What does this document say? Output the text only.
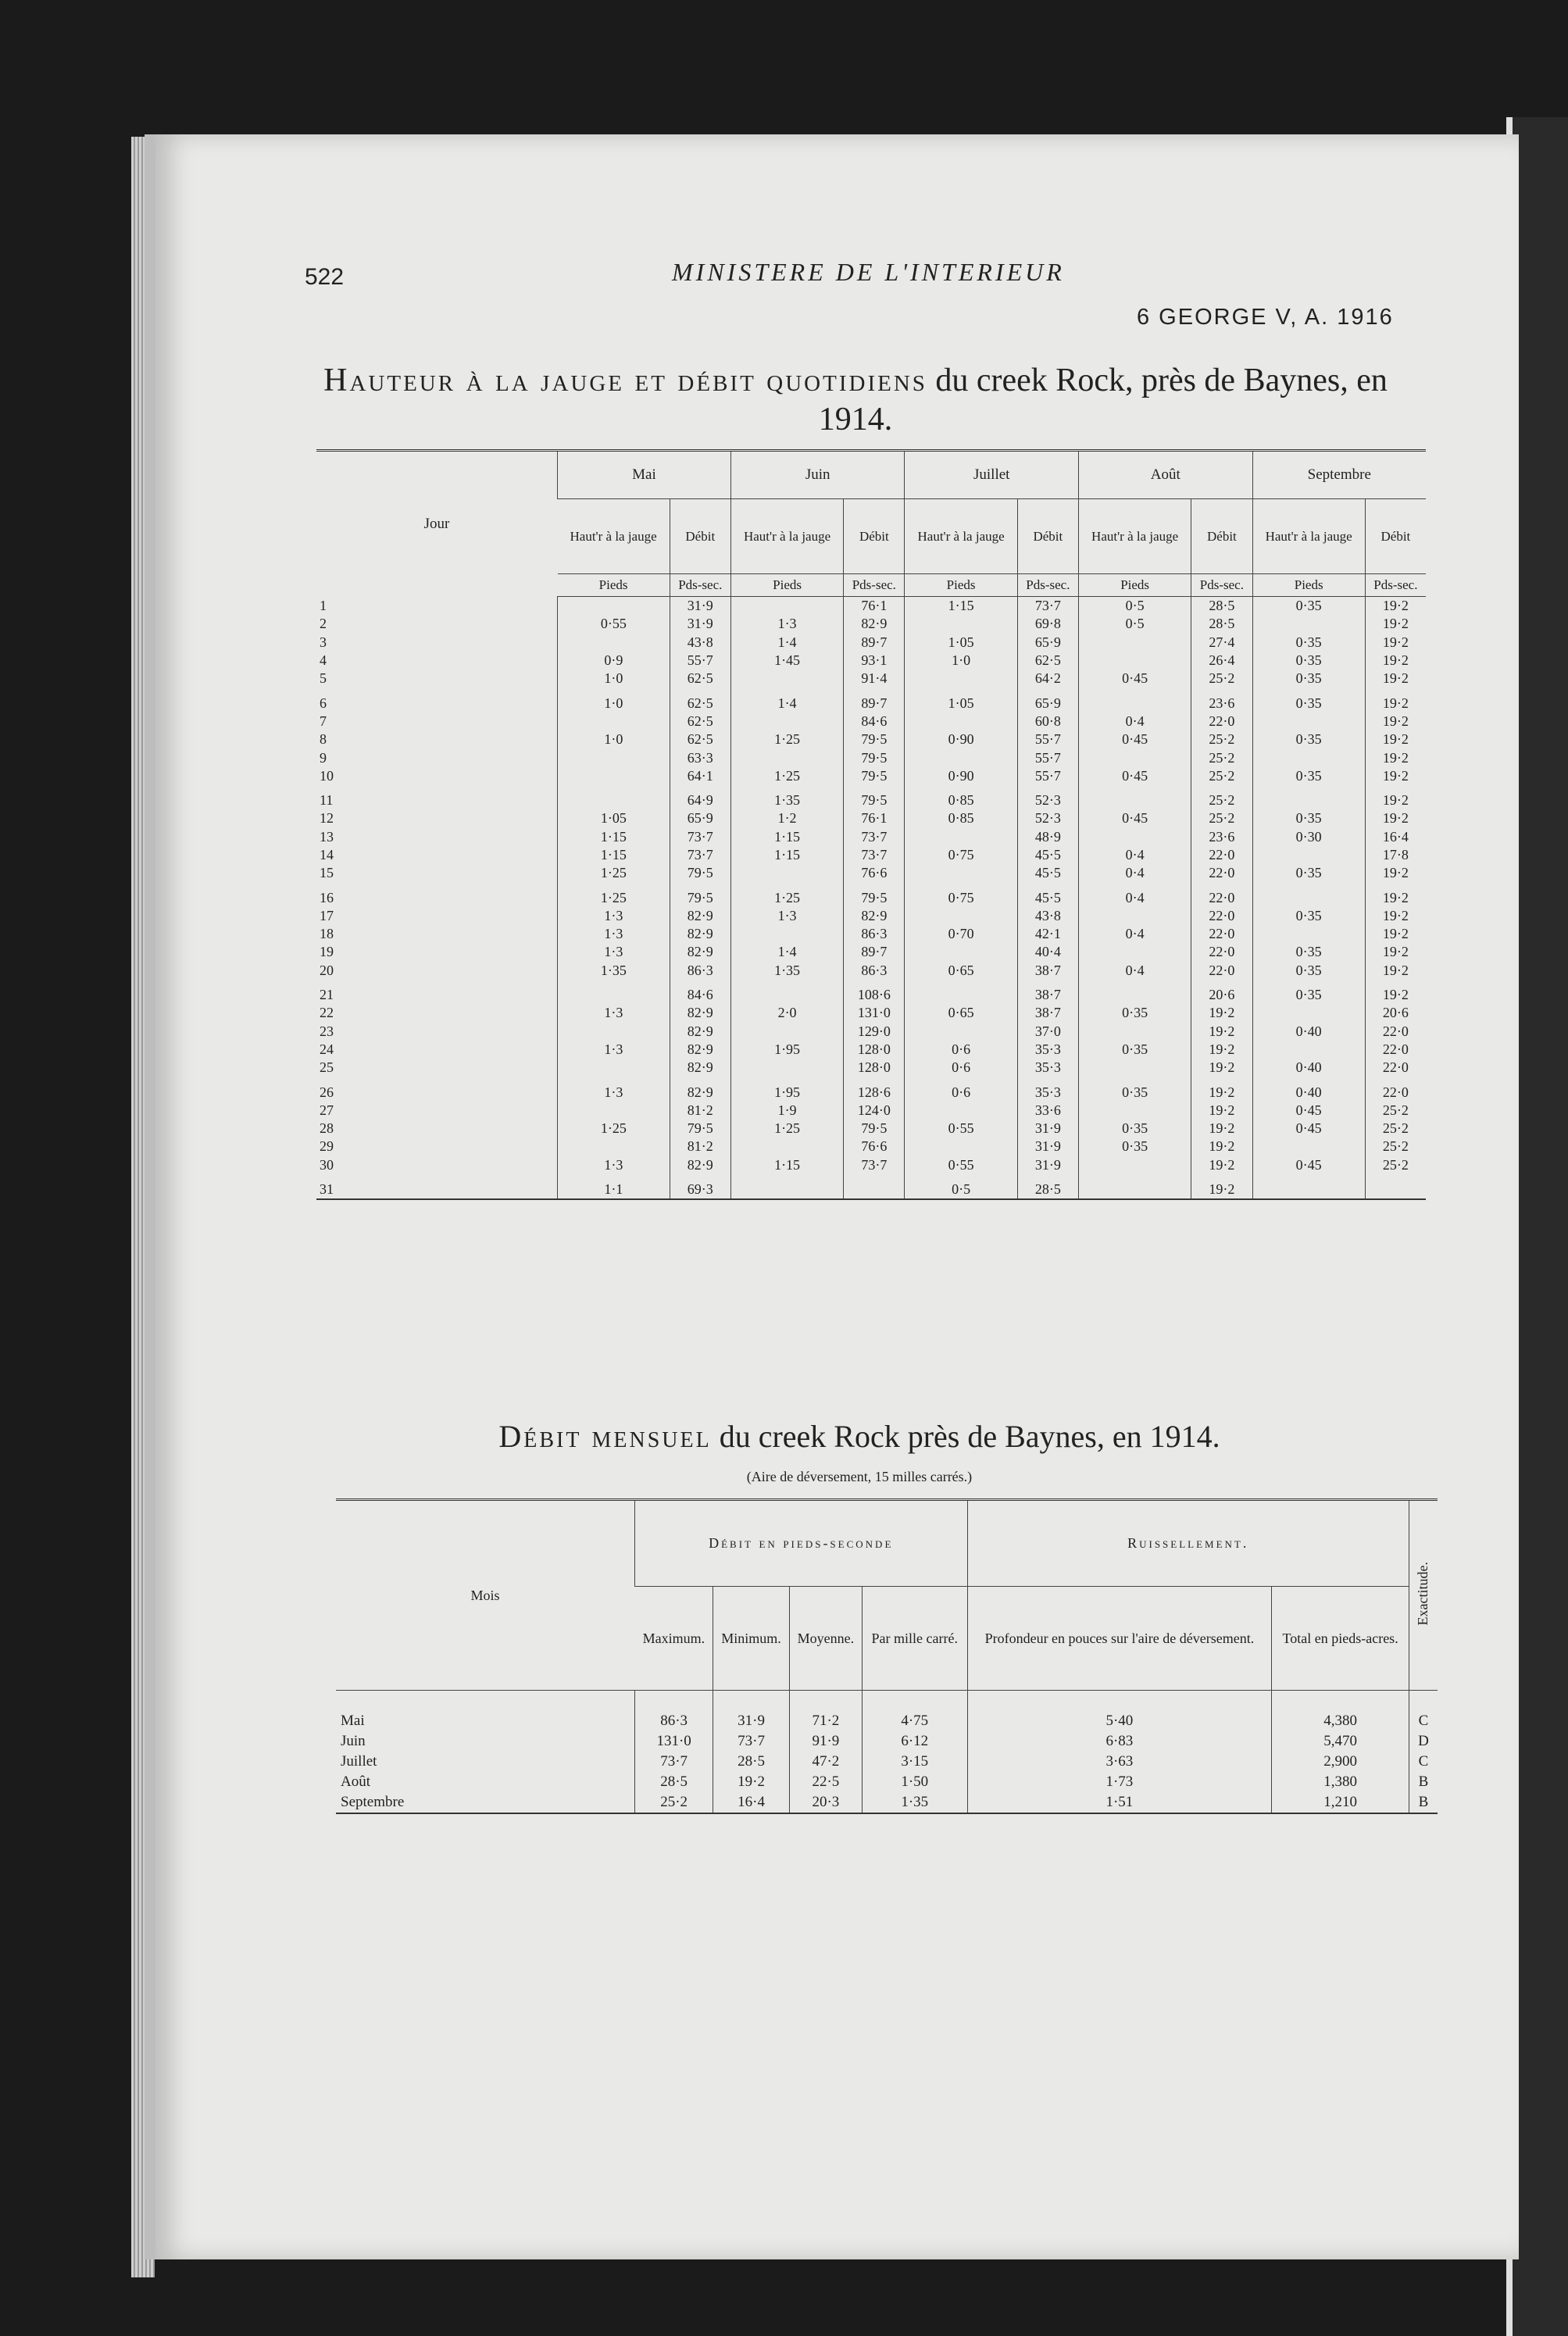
522	MINISTERE DE L'INTERIEUR
6 GEORGE V, A. 1916
Hauteur à la jauge et débit quotidiens du creek Rock, près de Baynes, en 1914.
Jour	Mai		Juin		Juillet		Août		Septembre	
	Haut'r à la jauge	Débit	Haut'r à la jauge	Débit	Haut'r à la jauge	Débit	Haut'r à la jauge	Débit	Haut'r à la jauge	Débit
	Pieds	Pds-sec.	Pieds	Pds-sec.	Pieds	Pds-sec.	Pieds	Pds-sec.	Pieds	Pds-sec.
1		31·9		76·1	1·15	73·7	0·5	28·5	0·35	19·2
2	0·55	31·9	1·3	82·9		69·8	0·5	28·5		19·2
3		43·8	1·4	89·7	1·05	65·9		27·4	0·35	19·2
4	0·9	55·7	1·45	93·1	1·0	62·5		26·4	0·35	19·2
5	1·0	62·5		91·4		64·2	0·45	25·2	0·35	19·2

6	1·0	62·5	1·4	89·7	1·05	65·9		23·6	0·35	19·2
7		62·5		84·6		60·8	0·4	22·0		19·2
8	1·0	62·5	1·25	79·5	0·90	55·7	0·45	25·2	0·35	19·2
9		63·3		79·5		55·7		25·2		19·2
10		64·1	1·25	79·5	0·90	55·7	0·45	25·2	0·35	19·2

11		64·9	1·35	79·5	0·85	52·3		25·2		19·2
12	1·05	65·9	1·2	76·1	0·85	52·3	0·45	25·2	0·35	19·2
13	1·15	73·7	1·15	73·7		48·9		23·6	0·30	16·4
14	1·15	73·7	1·15	73·7	0·75	45·5	0·4	22·0		17·8
15	1·25	79·5		76·6		45·5	0·4	22·0	0·35	19·2

16	1·25	79·5	1·25	79·5	0·75	45·5	0·4	22·0		19·2
17	1·3	82·9	1·3	82·9		43·8		22·0	0·35	19·2
18	1·3	82·9		86·3	0·70	42·1	0·4	22·0		19·2
19	1·3	82·9	1·4	89·7		40·4		22·0	0·35	19·2
20	1·35	86·3	1·35	86·3	0·65	38·7	0·4	22·0	0·35	19·2

21		84·6		108·6		38·7		20·6	0·35	19·2
22	1·3	82·9	2·0	131·0	0·65	38·7	0·35	19·2		20·6
23		82·9		129·0		37·0		19·2	0·40	22·0
24	1·3	82·9	1·95	128·0	0·6	35·3	0·35	19·2		22·0
25		82·9		128·0	0·6	35·3		19·2	0·40	22·0

26	1·3	82·9	1·95	128·6	0·6	35·3	0·35	19·2	0·40	22·0
27		81·2	1·9	124·0		33·6		19·2	0·45	25·2
28	1·25	79·5	1·25	79·5	0·55	31·9	0·35	19·2	0·45	25·2
29		81·2		76·6		31·9	0·35	19·2		25·2
30	1·3	82·9	1·15	73·7	0·55	31·9		19·2	0·45	25·2

31	1·1	69·3			0·5	28·5		19·2		

Débit mensuel du creek Rock près de Baynes, en 1914.
(Aire de déversement, 15 milles carrés.)
Mois	Débit en pieds-seconde				Ruissellement.		Exactitude.
	Maximum.	Minimum.	Moyenne.	Par mille carré.	Profondeur en pouces sur l'aire de déversement.	Total en pieds-acres.	
Mai	86·3	31·9	71·2	4·75	5·40	4,380	C
Juin	131·0	73·7	91·9	6·12	6·83	5,470	D
Juillet	73·7	28·5	47·2	3·15	3·63	2,900	C
Août	28·5	19·2	22·5	1·50	1·73	1,380	B
Septembre	25·2	16·4	20·3	1·35	1·51	1,210	B
